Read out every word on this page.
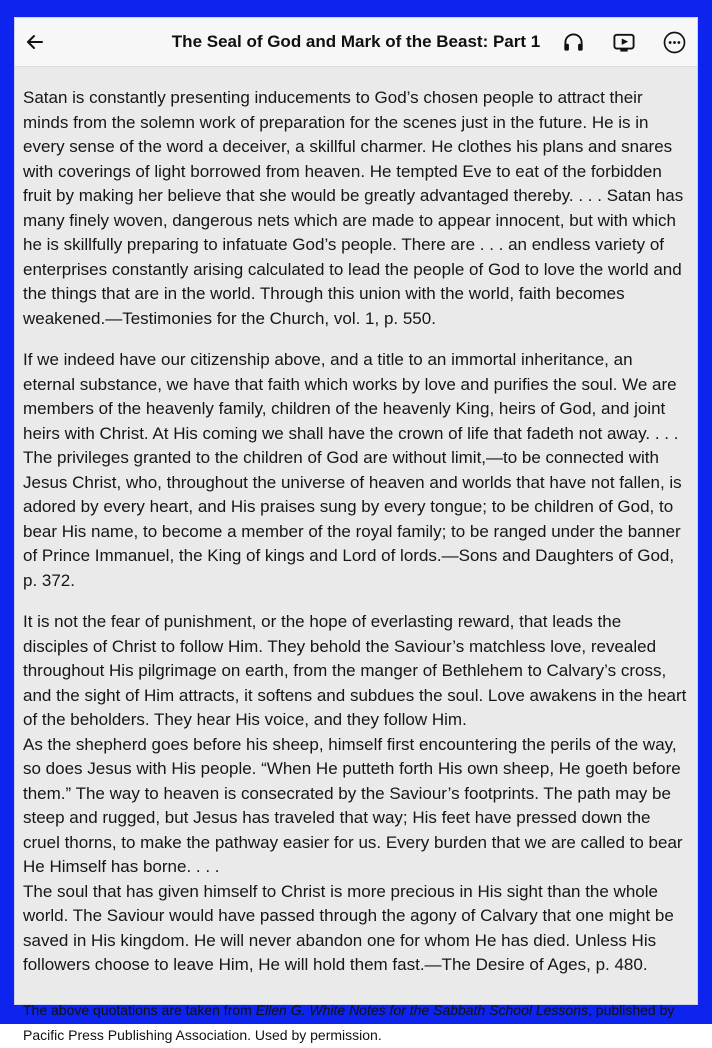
The Seal of God and Mark of the Beast: Part 1

Satan is constantly presenting inducements to God’s chosen people to attract their minds from the solemn work of preparation for the scenes just in the future. He is in every sense of the word a deceiver, a skillful charmer. He clothes his plans and snares with coverings of light borrowed from heaven. He tempted Eve to eat of the forbidden fruit by making her believe that she would be greatly advantaged thereby. . . . Satan has many finely woven, dangerous nets which are made to appear innocent, but with which he is skillfully preparing to infatuate God’s people. There are . . . an endless variety of enterprises constantly arising calculated to lead the people of God to love the world and the things that are in the world. Through this union with the world, faith becomes weakened.—Testimonies for the Church, vol. 1, p. 550.

If we indeed have our citizenship above, and a title to an immortal inheritance, an eternal substance, we have that faith which works by love and purifies the soul. We are members of the heavenly family, children of the heavenly King, heirs of God, and joint heirs with Christ. At His coming we shall have the crown of life that fadeth not away. . . .

The privileges granted to the children of God are without limit,—to be connected with Jesus Christ, who, throughout the universe of heaven and worlds that have not fallen, is adored by every heart, and His praises sung by every tongue; to be children of God, to bear His name, to become a member of the royal family; to be ranged under the banner of Prince Immanuel, the King of kings and Lord of lords.—Sons and Daughters of God, p. 372.

It is not the fear of punishment, or the hope of everlasting reward, that leads the disciples of Christ to follow Him. They behold the Saviour’s matchless love, revealed throughout His pilgrimage on earth, from the manger of Bethlehem to Calvary’s cross, and the sight of Him attracts, it softens and subdues the soul. Love awakens in the heart of the beholders. They hear His voice, and they follow Him.

As the shepherd goes before his sheep, himself first encountering the perils of the way, so does Jesus with His people. “When He putteth forth His own sheep, He goeth before them.” The way to heaven is consecrated by the Saviour’s footprints. The path may be steep and rugged, but Jesus has traveled that way; His feet have pressed down the cruel thorns, to make the pathway easier for us. Every burden that we are called to bear He Himself has borne. . . .

The soul that has given himself to Christ is more precious in His sight than the whole world. The Saviour would have passed through the agony of Calvary that one might be saved in His kingdom. He will never abandon one for whom He has died. Unless His followers choose to leave Him, He will hold them fast.—The Desire of Ages, p. 480.

The above quotations are taken from Ellen G. White Notes for the Sabbath School Lessons, published by Pacific Press Publishing Association. Used by permission.
